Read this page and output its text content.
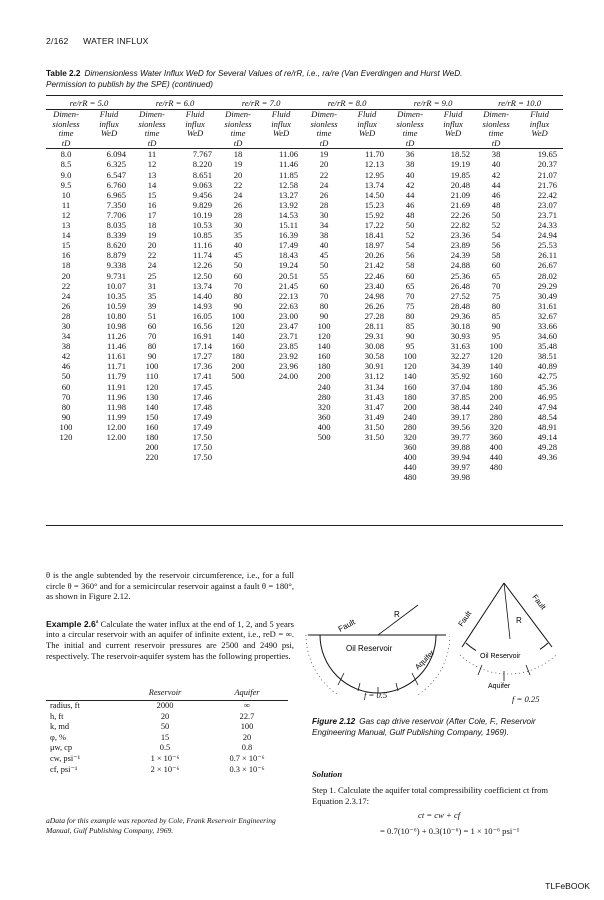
2/162 WATER INFLUX
Table 2.2 Dimensionless Water Influx WeD for Several Values of re/rR, i.e., ra/re (Van Everdingen and Hurst WeD.
Permission to publish by the SPE) (continued)
re/rR = 5.0		re/rR = 6.0		re/rR = 7.0		re/rR = 8.0		re/rR = 9.0		re/rR = 10.0	
Dimen-	Fluid	Dimen-	Fluid	Dimen-	Fluid	Dimen-	Fluid	Dimen-	Fluid	Dimen-	Fluid
sionless	influx	sionless	influx	sionless	influx	sionless	influx	sionless	influx	sionless	influx
time	WeD	time	WeD	time	WeD	time	WeD	time	WeD	time	WeD
tD		tD		tD		tD		tD		tD	
8.0	6.094	11	7.767	18	11.06	19	11.70	36	18.52	38	19.65
8.5	6.325	12	8.220	19	11.46	20	12.13	38	19.19	40	20.37
9.0	6.547	13	8.651	20	11.85	22	12.95	40	19.85	42	21.07
9.5	6.760	14	9.063	22	12.58	24	13.74	42	20.48	44	21.76
10	6.965	15	9.456	24	13.27	26	14.50	44	21.09	46	22.42
11	7.350	16	9.829	26	13.92	28	15.23	46	21.69	48	23.07
12	7.706	17	10.19	28	14.53	30	15.92	48	22.26	50	23.71
13	8.035	18	10.53	30	15.11	34	17.22	50	22.82	52	24.33
14	8.339	19	10.85	35	16.39	38	18.41	52	23.36	54	24.94
15	8.620	20	11.16	40	17.49	40	18.97	54	23.89	56	25.53
16	8.879	22	11.74	45	18.43	45	20.26	56	24.39	58	26.11
18	9.338	24	12.26	50	19.24	50	21.42	58	24.88	60	26.67
20	9.731	25	12.50	60	20.51	55	22.46	60	25.36	65	28.02
22	10.07	31	13.74	70	21.45	60	23.40	65	26.48	70	29.29
24	10.35	35	14.40	80	22.13	70	24.98	70	27.52	75	30.49
26	10.59	39	14.93	90	22.63	80	26.26	75	28.48	80	31.61
28	10.80	51	16.05	100	23.00	90	27.28	80	29.36	85	32.67
30	10.98	60	16.56	120	23.47	100	28.11	85	30.18	90	33.66
34	11.26	70	16.91	140	23.71	120	29.31	90	30.93	95	34.60
38	11.46	80	17.14	160	23.85	140	30.08	95	31.63	100	35.48
42	11.61	90	17.27	180	23.92	160	30.58	100	32.27	120	38.51
46	11.71	100	17.36	200	23.96	180	30.91	120	34.39	140	40.89
50	11.79	110	17.41	500	24.00	200	31.12	140	35.92	160	42.75
60	11.91	120	17.45			240	31.34	160	37.04	180	45.36
70	11.96	130	17.46			280	31.43	180	37.85	200	46.95
80	11.98	140	17.48			320	31.47	200	38.44	240	47.94
90	11.99	150	17.49			360	31.49	240	39.17	280	48.54
100	12.00	160	17.49			400	31.50	280	39.56	320	48.91
120	12.00	180	17.50			500	31.50	320	39.77	360	49.14
		200	17.50					360	39.88	400	49.28
		220	17.50					400	39.94	440	49.36
								440	39.97	480	
								480	39.98		
θ is the angle subtended by the reservoir circumference, i.e., for a full circle θ = 360° and for a semicircular reservoir against a fault θ = 180°, as shown in Figure 2.12.
Example 2.6$^a$ Calculate the water influx at the end of 1, 2, and 5 years into a circular reservoir with an aquifer of infinite extent, i.e., reD = ∞. The initial and current reservoir pressures are 2500 and 2490 psi, respectively. The reservoir-aquifer system has the following properties.
	Reservoir	Aquifer
radius, ft	2000	∞
h, ft	20	22.7
k, md	50	100
φ, %	15	20
μw, cp	0.5	0.8
cw, psi⁻¹	1 × 10⁻⁶	0.7 × 10⁻⁶
cf, psi⁻¹	2 × 10⁻⁶	0.3 × 10⁻⁶
aData for this example was reported by Cole, Frank Reservoir Engineering Manual, Gulf Publishing Company, 1969.
Fault
R
Oil Reservoir	Aquifer
f = 0.5
Fault
Fault
R
Oil Reservoir
Aquifer
f = 0.25
Figure 2.12 Gas cap drive reservoir (After Cole, F., Reservoir Engineering Manual, Gulf Publishing Company, 1969).
Solution
Step 1. Calculate the aquifer total compressibility coefficient ct from Equation 2.3.17:
ct = cw + cf
= 0.7(10⁻⁶) + 0.3(10⁻⁶) = 1 × 10⁻⁶ psi⁻¹
TLFeBOOK
